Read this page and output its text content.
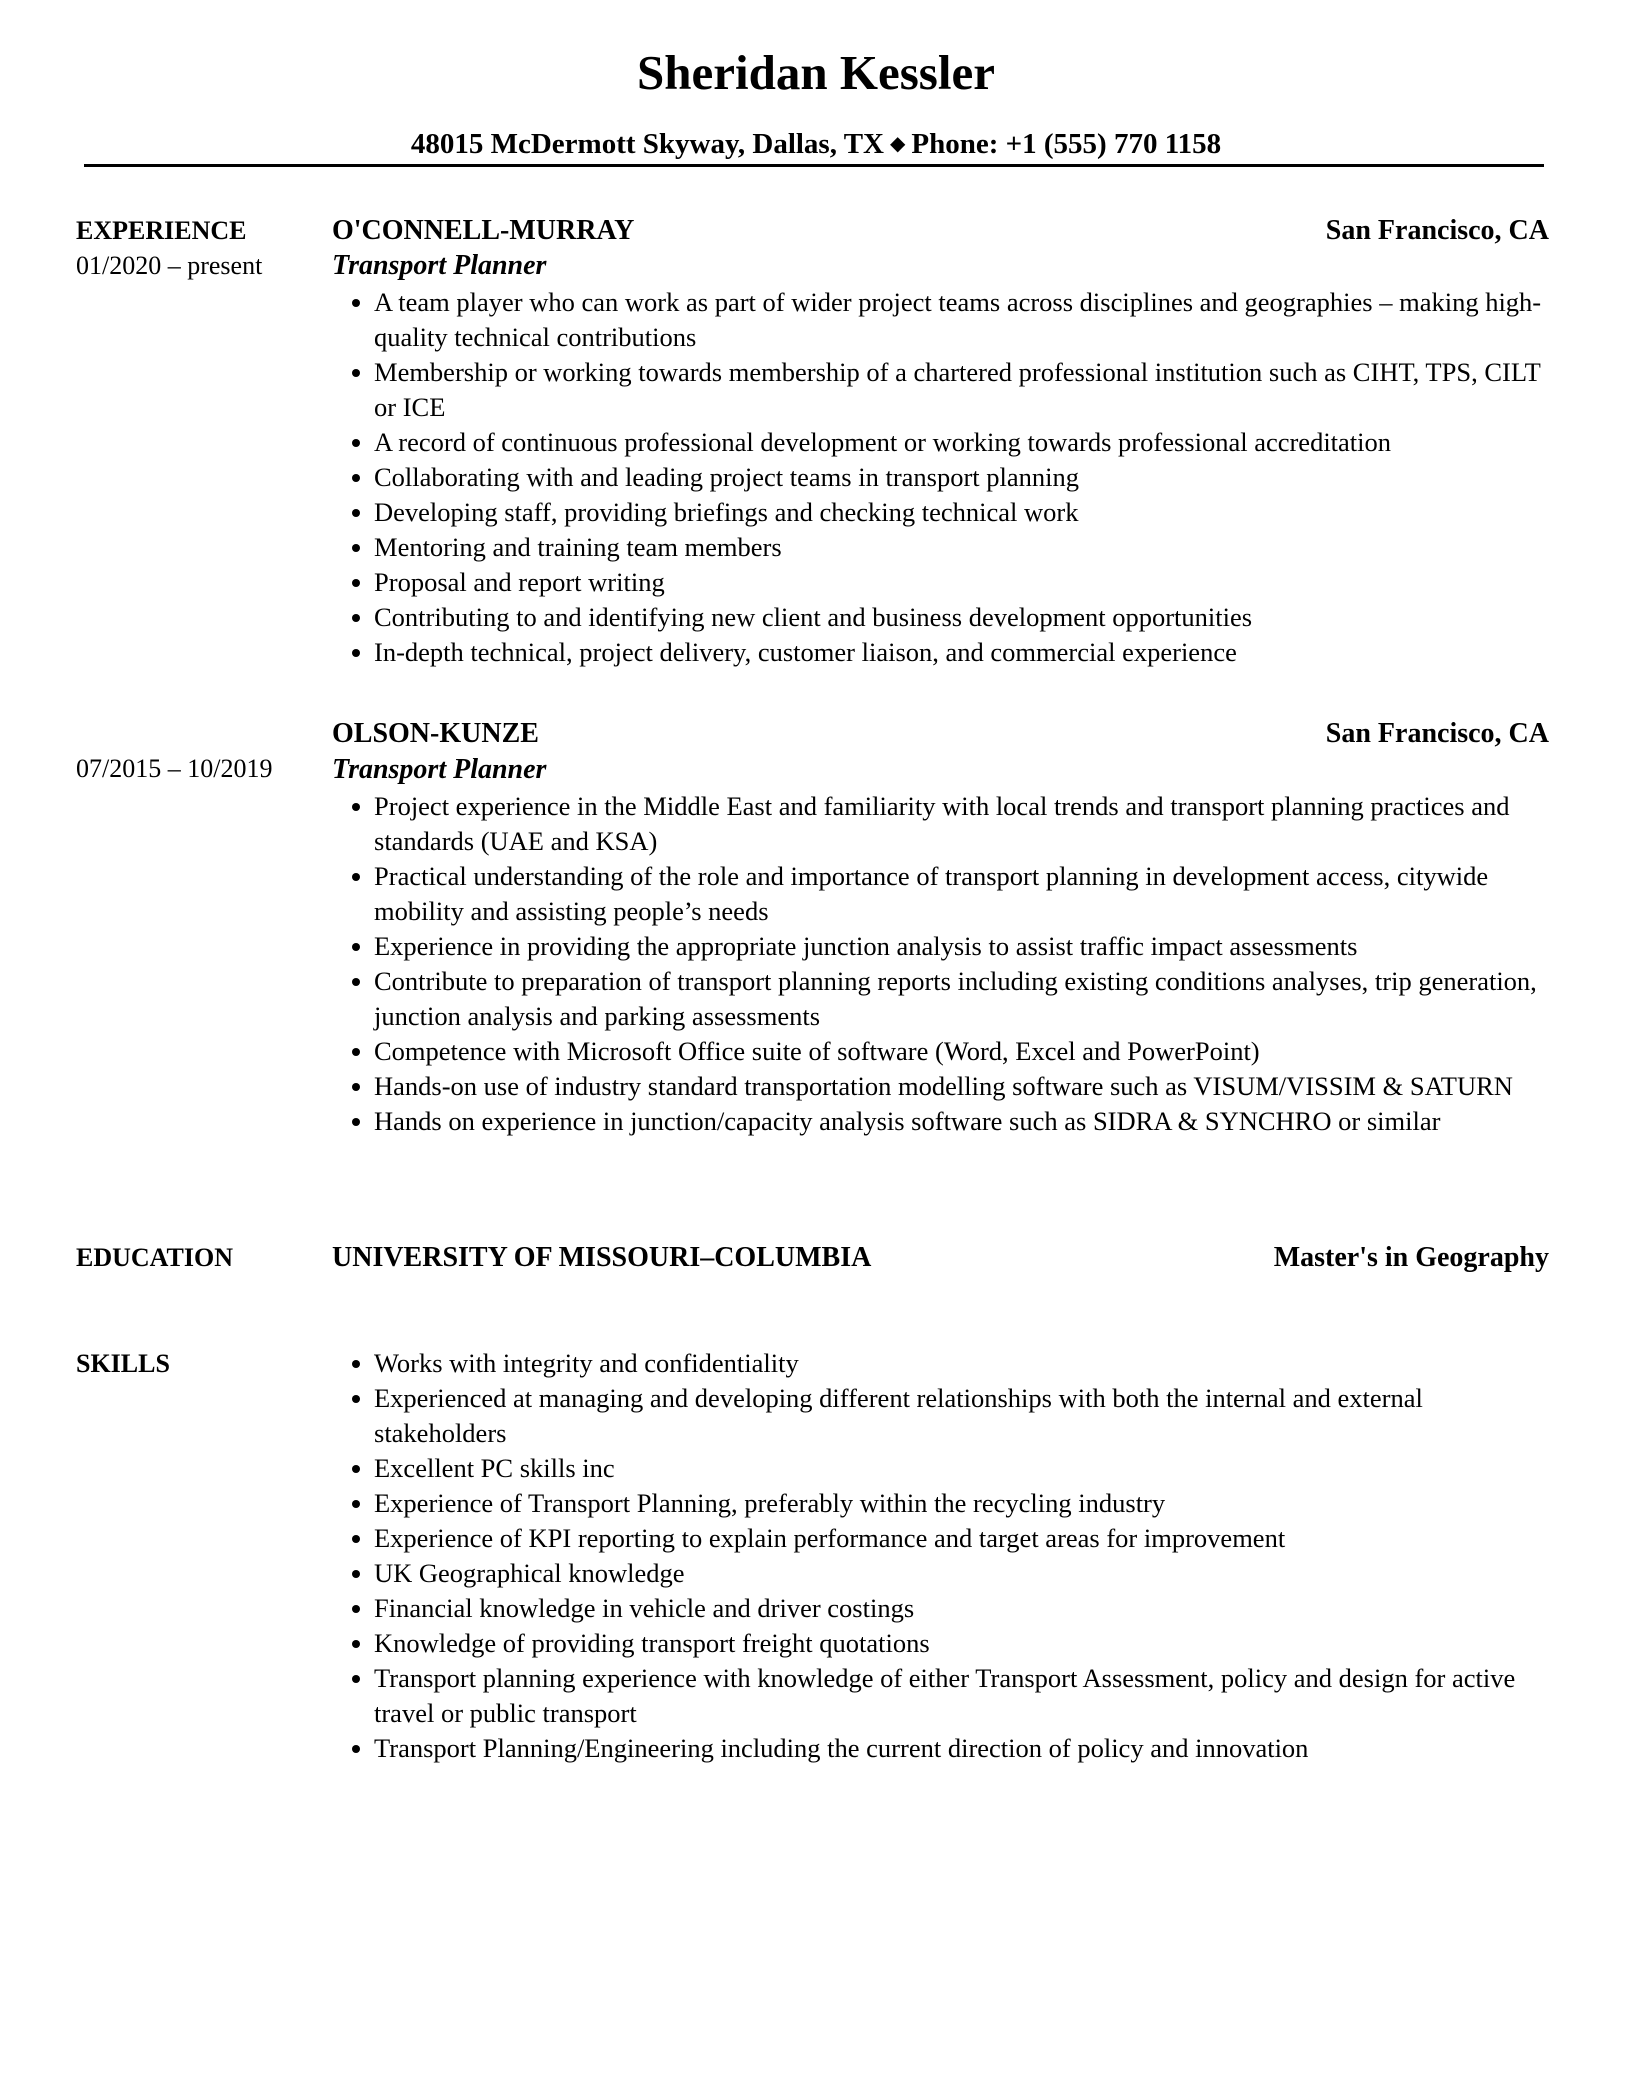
Sheridan Kessler
48015 McDermott Skyway, Dallas, TX ◆ Phone: +1 (555) 770 1158
EXPERIENCE
01/2020 – present
O'CONNELL-MURRAY	San Francisco, CA
Transport Planner
A team player who can work as part of wider project teams across disciplines and geographies – making high-quality technical contributions
Membership or working towards membership of a chartered professional institution such as CIHT, TPS, CILT or ICE
A record of continuous professional development or working towards professional accreditation
Collaborating with and leading project teams in transport planning
Developing staff, providing briefings and checking technical work
Mentoring and training team members
Proposal and report writing
Contributing to and identifying new client and business development opportunities
In-depth technical, project delivery, customer liaison, and commercial experience
07/2015 – 10/2019
OLSON-KUNZE	San Francisco, CA
Transport Planner
Project experience in the Middle East and familiarity with local trends and transport planning practices and standards (UAE and KSA)
Practical understanding of the role and importance of transport planning in development access, citywide mobility and assisting people’s needs
Experience in providing the appropriate junction analysis to assist traffic impact assessments
Contribute to preparation of transport planning reports including existing conditions analyses, trip generation, junction analysis and parking assessments
Competence with Microsoft Office suite of software (Word, Excel and PowerPoint)
Hands-on use of industry standard transportation modelling software such as VISUM/VISSIM & SATURN
Hands on experience in junction/capacity analysis software such as SIDRA & SYNCHRO or similar
EDUCATION	UNIVERSITY OF MISSOURI–COLUMBIA	Master's in Geography
SKILLS	Works with integrity and confidentiality
Experienced at managing and developing different relationships with both the internal and external stakeholders
Excellent PC skills inc
Experience of Transport Planning, preferably within the recycling industry
Experience of KPI reporting to explain performance and target areas for improvement
UK Geographical knowledge
Financial knowledge in vehicle and driver costings
Knowledge of providing transport freight quotations
Transport planning experience with knowledge of either Transport Assessment, policy and design for active travel or public transport
Transport Planning/Engineering including the current direction of policy and innovation
